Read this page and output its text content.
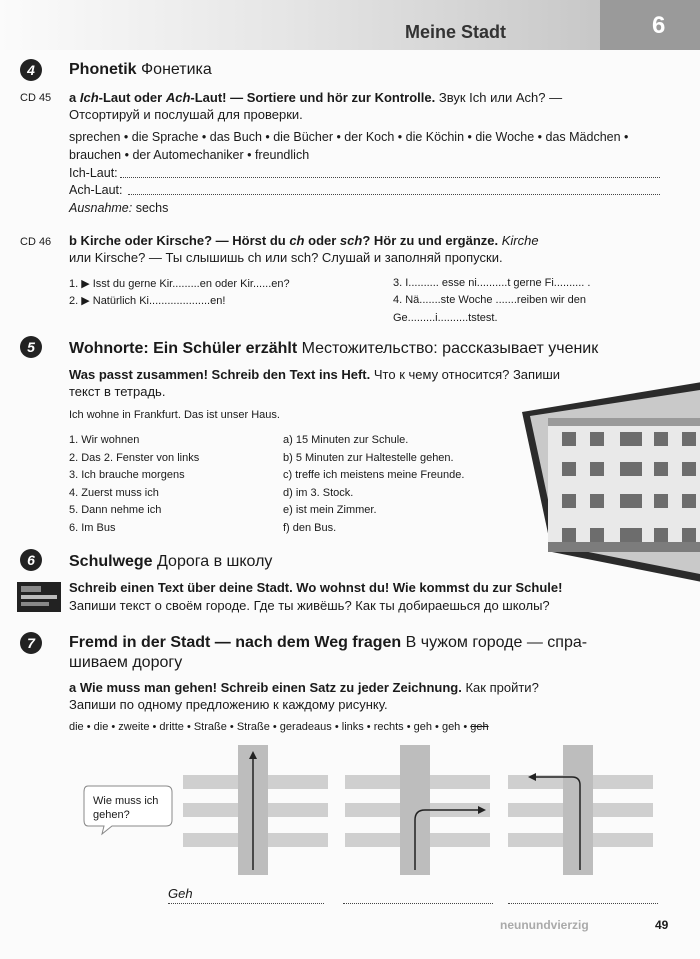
6
Meine Stadt
4	Phonetik Фонетика
CD 45 a Ich-Laut oder Ach-Laut! — Sortiere und hör zur Kontrolle. Звук Ich или Ach? —
Отсортируй и послушай для проверки.
sprechen • die Sprache • das Buch • die Bücher • der Koch • die Köchin • die Woche • das Mädchen •
brauchen • der Automechaniker • freundlich
Ich-Laut:
Ach-Laut:
Ausnahme: sechs
CD 46 b Kirche oder Kirsche? — Hörst du ch oder sch? Hör zu und ergänze. Kirche
или Kirsche? — Ты слышишь ch или sch? Слушай и заполняй пропуски.
1. ▶ Isst du gerne Kir.........en oder Kir......en?
2. ▶ Natürlich Ki....................en!
3. I.......... esse ni..........t gerne Fi.......... .
4. Nä.......ste Woche .......reiben wir den
Ge.........i..........tstest.
5	Wohnorte: Ein Schüler erzählt Местожительство: рассказывает ученик
Was passt zusammen! Schreib den Text ins Heft. Что к чему относится? Запиши
текст в тетрадь.
Ich wohne in Frankfurt. Das ist unser Haus.
1. Wir wohnen
2. Das 2. Fenster von links
3. Ich brauche morgens
4. Zuerst muss ich
5. Dann nehme ich
6. Im Bus
a) 15 Minuten zur Schule.
b) 5 Minuten zur Haltestelle gehen.
c) treffe ich meistens meine Freunde.
d) im 3. Stock.
e) ist mein Zimmer.
f) den Bus.
6	Schulwege Дорога в школу
Schreib einen Text über deine Stadt. Wo wohnst du! Wie kommst du zur Schule!
Запиши текст о своём городе. Где ты живёшь? Как ты добираешься до школы?
7	Fremd in der Stadt — nach dem Weg fragen В чужом городе — спра-
шиваем дорогу
a Wie muss man gehen! Schreib einen Satz zu jeder Zeichnung. Как пройти?
Запиши по одному предложению к каждому рисунку.
die • die • zweite • dritte • Straße • Straße • geradeaus • links • rechts • geh • geh • geh
Wie muss ich gehen?
Geh
neunundvierzig	49
